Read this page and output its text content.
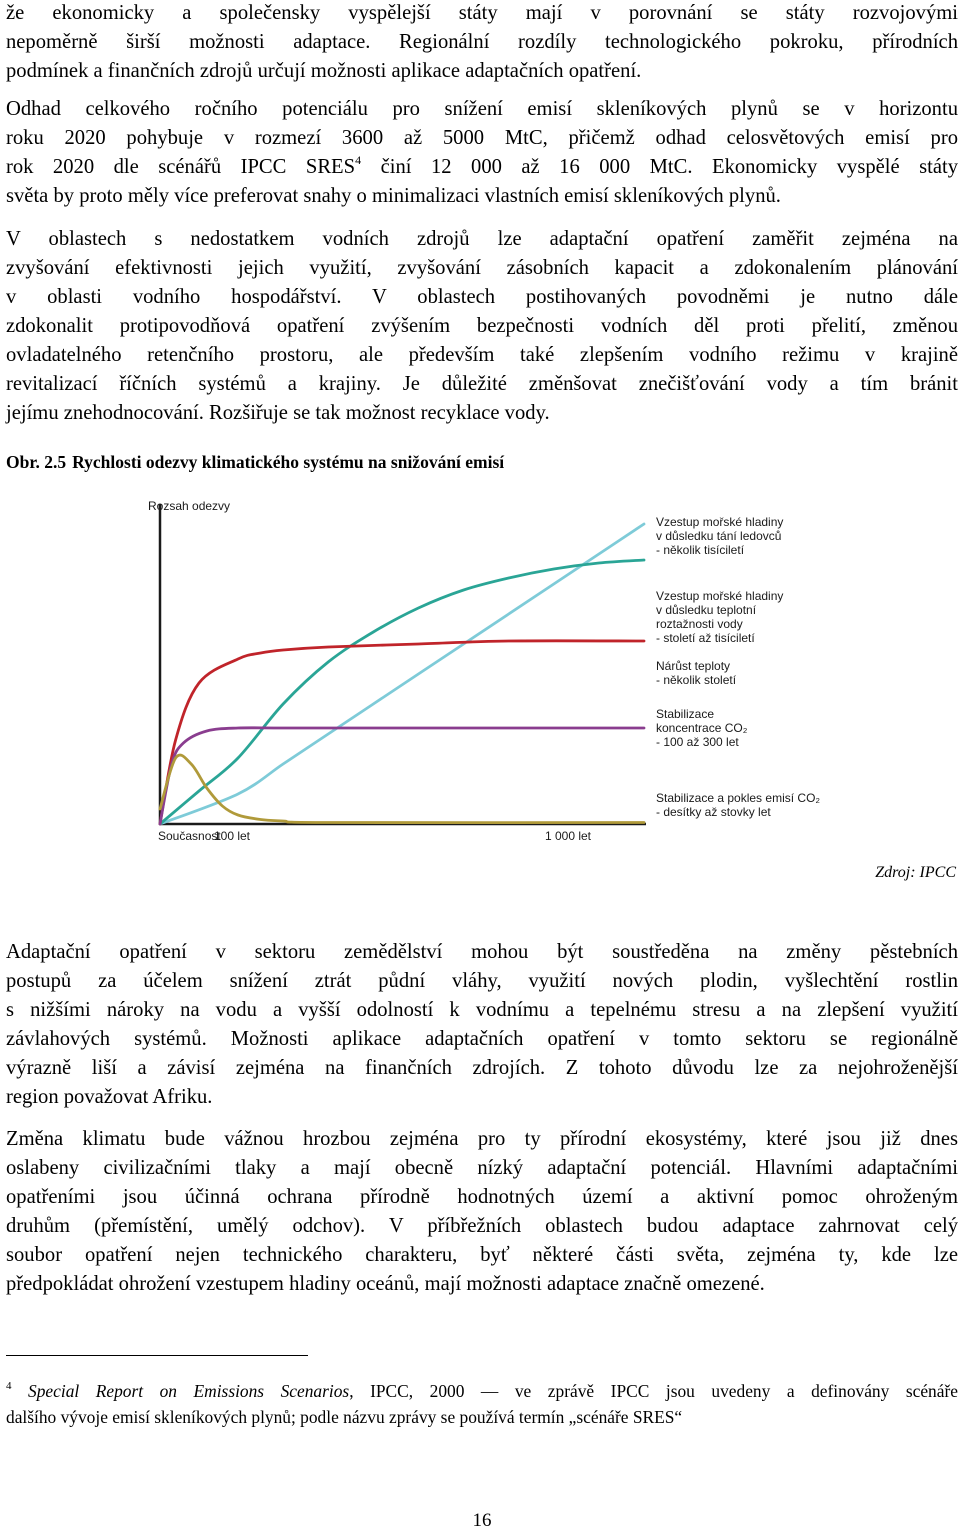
že ekonomicky a společensky vyspělejší státy mají v porovnání se státy rozvojovými
nepoměrně širší možnosti adaptace. Regionální rozdíly technologického pokroku, přírodních
podmínek a finančních zdrojů určují možnosti aplikace adaptačních opatření.

Odhad celkového ročního potenciálu pro snížení emisí skleníkových plynů se v horizontu
roku 2020 pohybuje v rozmezí 3600 až 5000 MtC, přičemž odhad celosvětových emisí pro
rok 2020 dle scénářů IPCC SRES$^4$ činí 12 000 až 16 000 MtC. Ekonomicky vyspělé státy
světa by proto měly více preferovat snahy o minimalizaci vlastních emisí skleníkových plynů.

V oblastech s nedostatkem vodních zdrojů lze adaptační opatření zaměřit zejména na
zvyšování efektivnosti jejich využití, zvyšování zásobních kapacit a zdokonalením plánování
v oblasti vodního hospodářství. V oblastech postihovaných povodněmi je nutno dále
zdokonalit protipovodňová opatření zvýšením bezpečnosti vodních děl proti přelití, změnou
ovladatelného retenčního prostoru, ale především také zlepšením vodního režimu v krajině
revitalizací říčních systémů a krajiny. Je důležité změnšovat znečišťování vody a tím bránit
jejímu znehodnocování. Rozšiřuje se tak možnost recyklace vody.

Obr. 2.5 Rychlosti odezvy klimatického systému na snižování emisí
Rozsah odezvy
Současnost
100 let	1 000 let
Vzestup mořské hladiny
v důsledku tání ledovců
- několik tisíciletí
Vzestup mořské hladiny
v důsledku teplotní
roztažnosti vody
- století až tisíciletí
Nárůst teploty
- několik století
Stabilizace
koncentrace CO₂
- 100 až 300 let
Stabilizace a pokles emisí CO₂
- desítky až stovky let
Zdroj: IPCC

Adaptační opatření v sektoru zemědělství mohou být soustředěna na změny pěstebních
postupů za účelem snížení ztrát půdní vláhy, využití nových plodin, vyšlechtění rostlin
s nižšími nároky na vodu a vyšší odolností k vodnímu a tepelnému stresu a na zlepšení využití
závlahových systémů. Možnosti aplikace adaptačních opatření v tomto sektoru se regionálně
výrazně liší a závisí zejména na finančních zdrojích. Z tohoto důvodu lze za nejohroženější
region považovat Afriku.

Změna klimatu bude vážnou hrozbou zejména pro ty přírodní ekosystémy, které jsou již dnes
oslabeny civilizačními tlaky a mají obecně nízký adaptační potenciál. Hlavními adaptačními
opatřeními jsou účinná ochrana přírodně hodnotných území a aktivní pomoc ohroženým
druhům (přemístění, umělý odchov). V příbřežních oblastech budou adaptace zahrnovat celý
soubor opatření nejen technického charakteru, byť některé části světa, zejména ty, kde lze
předpokládat ohrožení vzestupem hladiny oceánů, mají možnosti adaptace značně omezené.

$^4$ Special Report on Emissions Scenarios, IPCC, 2000 — ve zprávě IPCC jsou uvedeny a definovány scénáře
dalšího vývoje emisí skleníkových plynů; podle názvu zprávy se používá termín „scénáře SRES“
16
